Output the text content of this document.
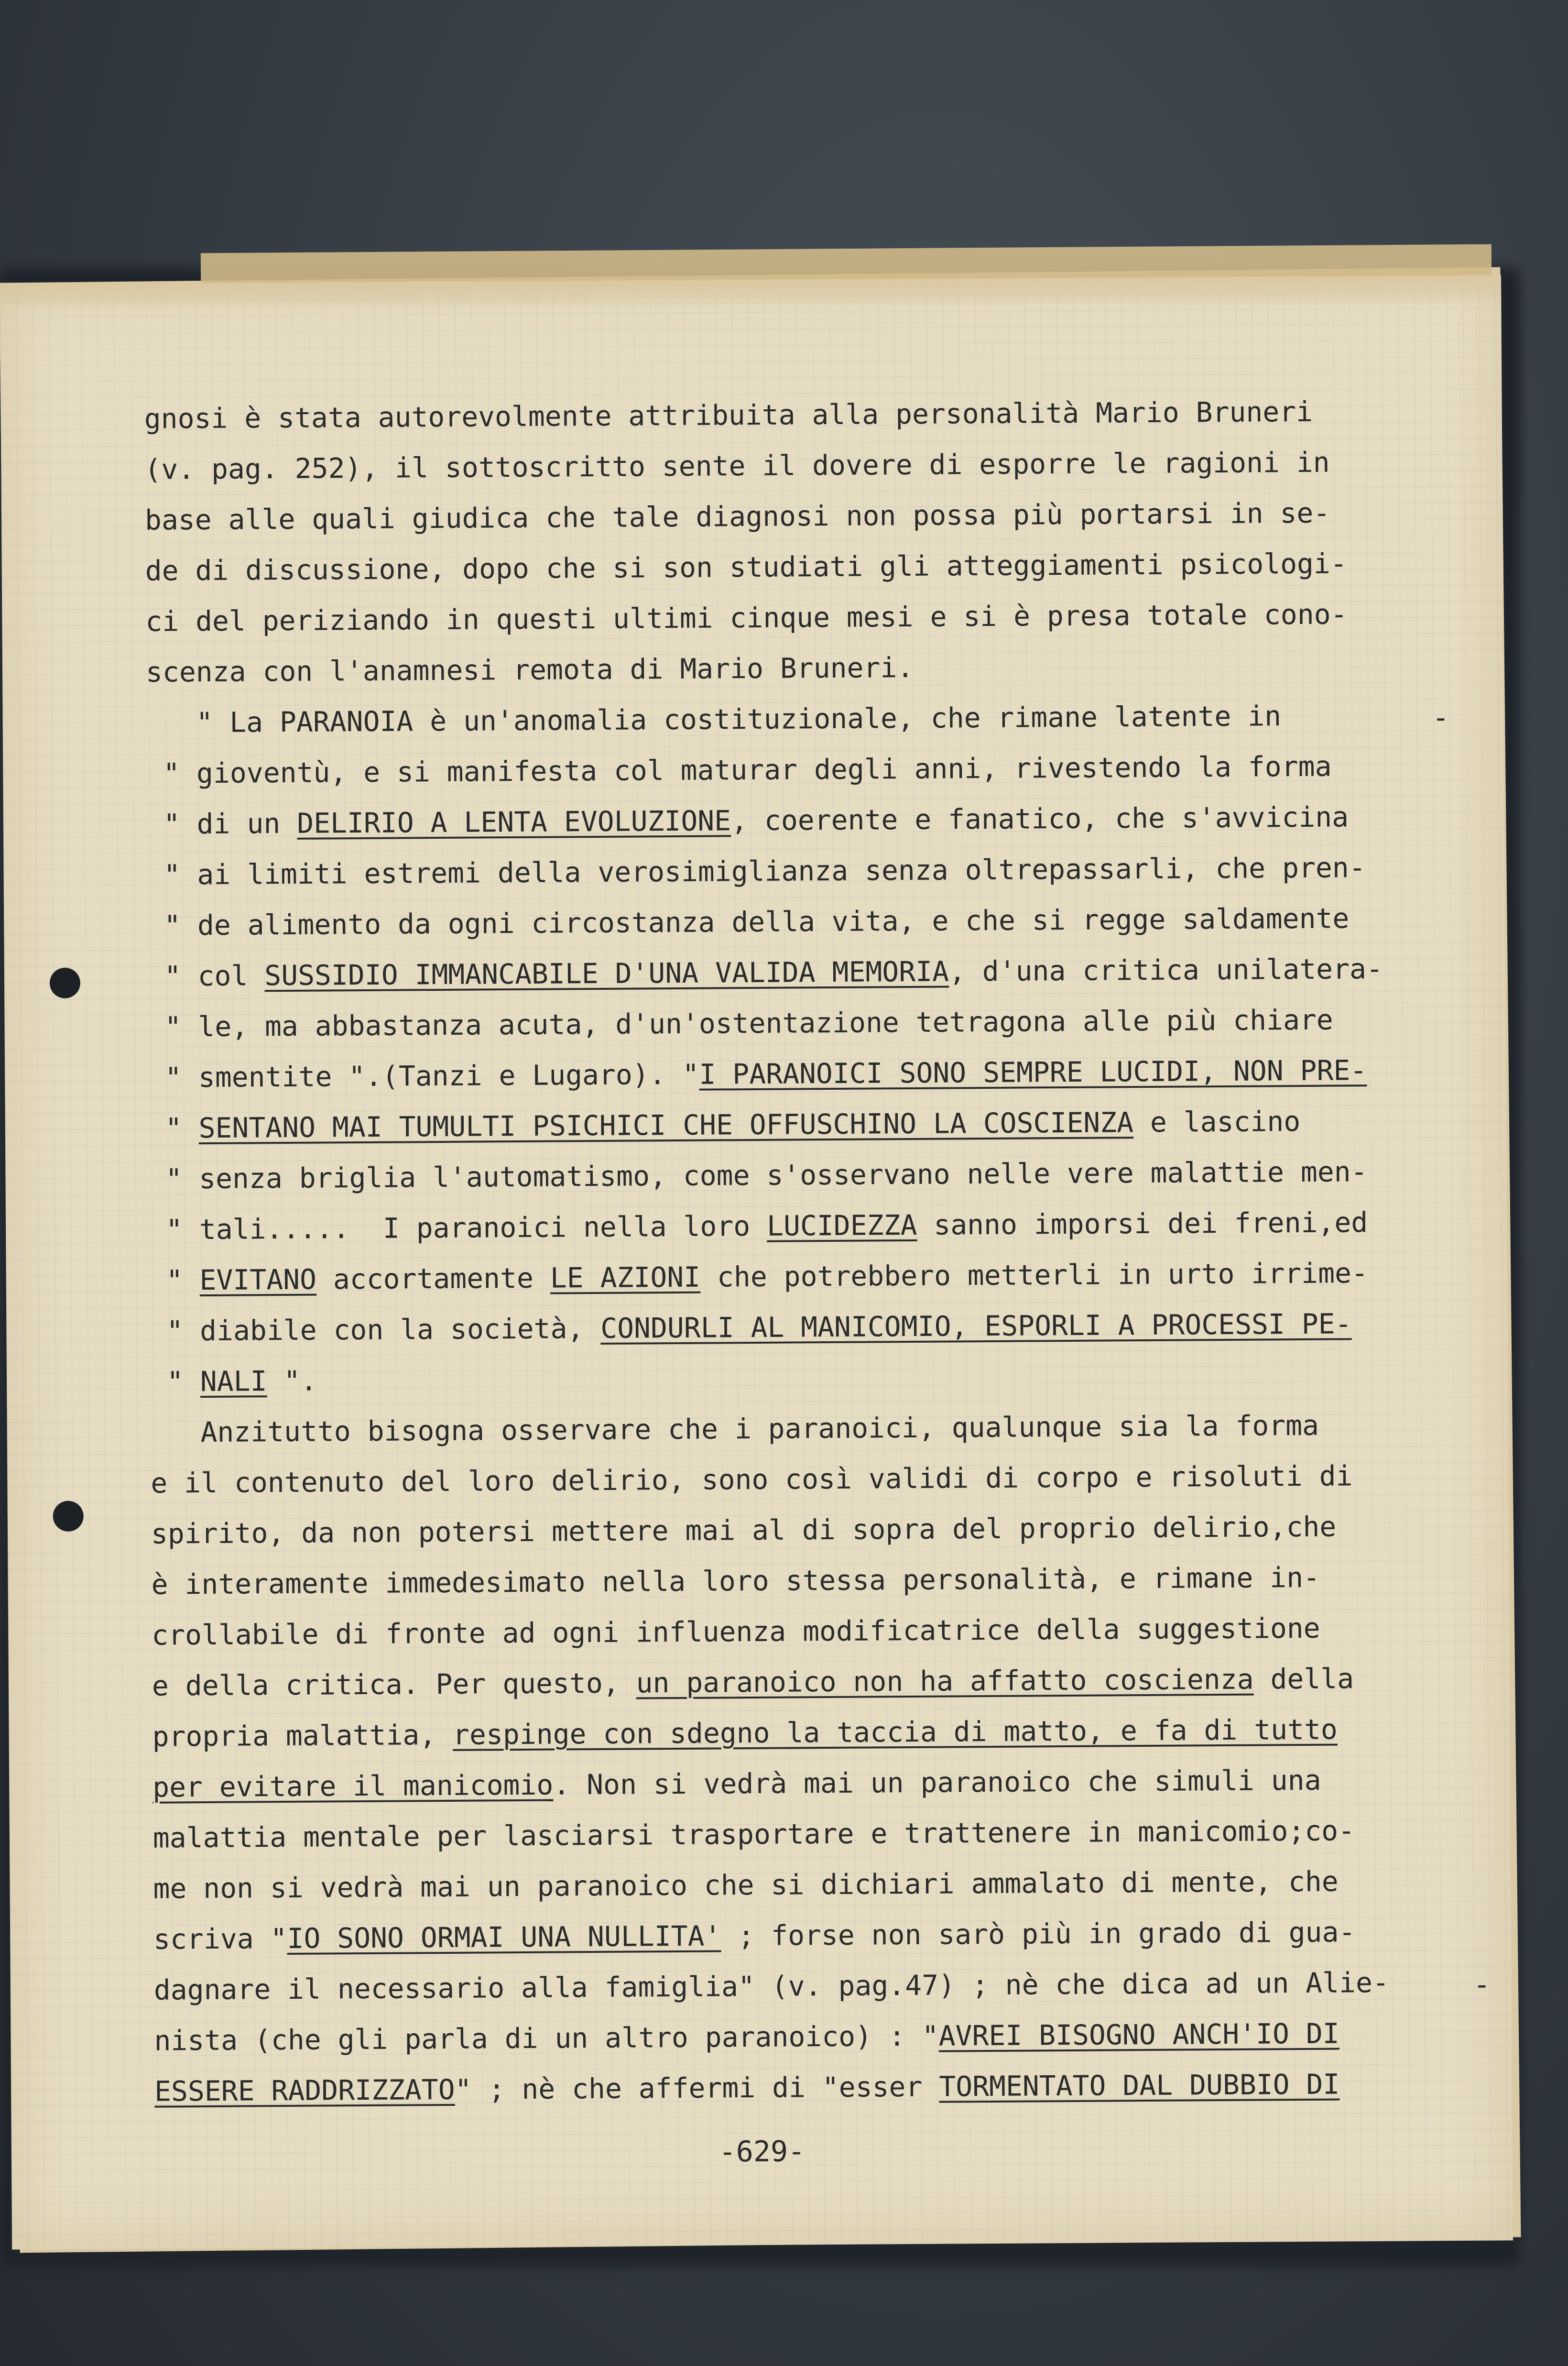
gnosi è stata autorevolmente attribuita alla personalità Mario Bruneri
(v. pag. 252), il sottoscritto sente il dovere di esporre le ragioni in
base alle quali giudica che tale diagnosi non possa più portarsi in se-
de di discussione, dopo che si son studiati gli atteggiamenti psicologi-
ci del periziando in questi ultimi cinque mesi e si è presa totale cono-
scenza con l'anamnesi remota di Mario Bruneri.
" La PARANOIA è un'anomalia costituzionale, che rimane latente in
" gioventù, e si manifesta col maturar degli anni, rivestendo la forma
" di un DELIRIO A LENTA EVOLUZIONE, coerente e fanatico, che s'avvicina
" ai limiti estremi della verosimiglianza senza oltrepassarli, che pren-
" de alimento da ogni circostanza della vita, e che si regge saldamente
" col SUSSIDIO IMMANCABILE D'UNA VALIDA MEMORIA, d'una critica unilatera-
" le, ma abbastanza acuta, d'un'ostentazione tetragona alle più chiare
" smentite ".(Tanzi e Lugaro). "I PARANOICI SONO SEMPRE LUCIDI, NON PRE-
" SENTANO MAI TUMULTI PSICHICI CHE OFFUSCHINO LA COSCIENZA e lascino
" senza briglia l'automatismo, come s'osservano nelle vere malattie men-
" tali.....  I paranoici nella loro LUCIDEZZA sanno imporsi dei freni,ed
" EVITANO accortamente LE AZIONI che potrebbero metterli in urto irrime-
" diabile con la società, CONDURLI AL MANICOMIO, ESPORLI A PROCESSI PE-
" NALI ".
Anzitutto bisogna osservare che i paranoici, qualunque sia la forma
e il contenuto del loro delirio, sono così validi di corpo e risoluti di
spirito, da non potersi mettere mai al di sopra del proprio delirio,che
è interamente immedesimato nella loro stessa personalità, e rimane in-
crollabile di fronte ad ogni influenza modificatrice della suggestione
e della critica. Per questo, un paranoico non ha affatto coscienza della
propria malattia, respinge con sdegno la taccia di matto, e fa di tutto
per evitare il manicomio. Non si vedrà mai un paranoico che simuli una
malattia mentale per lasciarsi trasportare e trattenere in manicomio;co-
me non si vedrà mai un paranoico che si dichiari ammalato di mente, che
scriva "IO SONO ORMAI UNA NULLITA' ; forse non sarò più in grado di gua-
dagnare il necessario alla famiglia" (v. pag.47) ; nè che dica ad un Alie-
nista (che gli parla di un altro paranoico) : "AVREI BISOGNO ANCH'IO DI
ESSERE RADDRIZZATO" ; nè che affermi di "esser TORMENTATO DAL DUBBIO DI
-
-
-629-
